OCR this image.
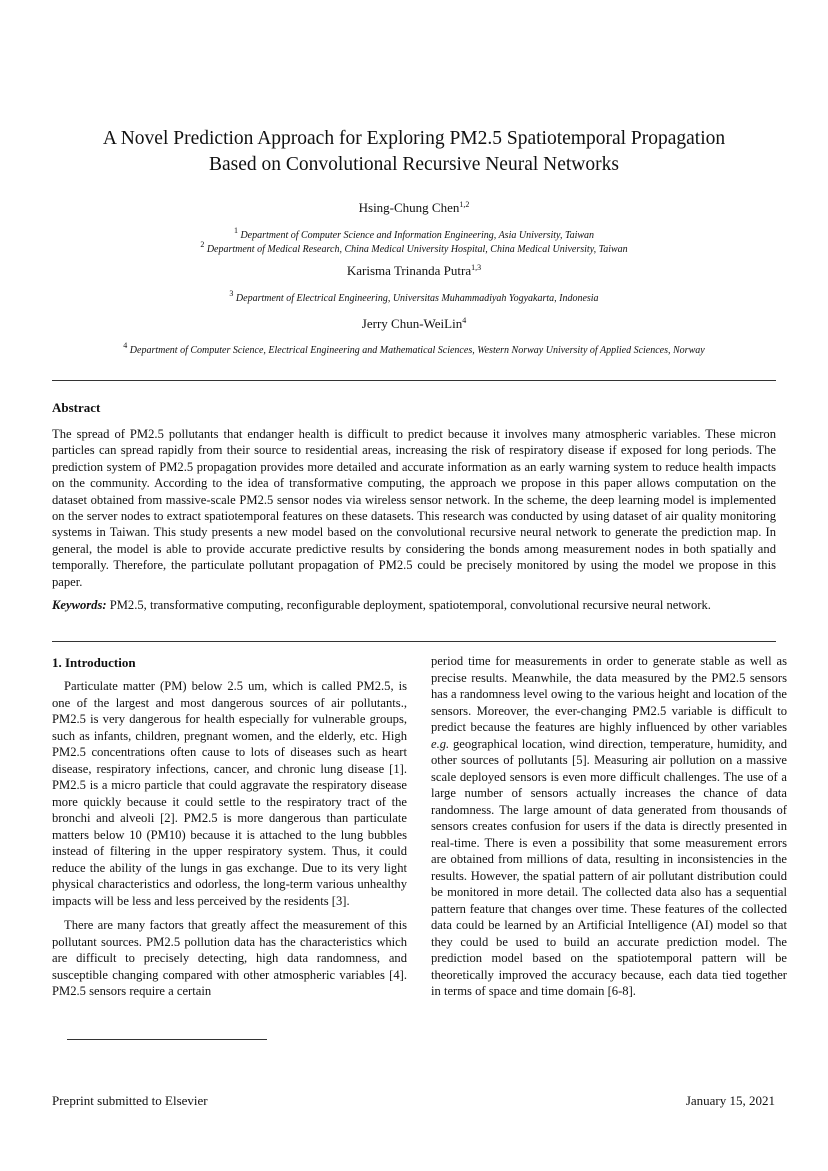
A Novel Prediction Approach for Exploring PM2.5 Spatiotemporal Propagation
Based on Convolutional Recursive Neural Networks
Hsing-Chung Chen$^{1,2}$
$^1$ Department of Computer Science and Information Engineering, Asia University, Taiwan
$^2$ Department of Medical Research, China Medical University Hospital, China Medical University, Taiwan
Karisma Trinanda Putra$^{1,3}$
$^3$ Department of Electrical Engineering, Universitas Muhammadiyah Yogyakarta, Indonesia
Jerry Chun-WeiLin$^4$
$^4$ Department of Computer Science, Electrical Engineering and Mathematical Sciences, Western Norway University of Applied Sciences, Norway
Abstract

The spread of PM2.5 pollutants that endanger health is difficult to predict because it involves many atmospheric variables. These micron particles can spread rapidly from their source to residential areas, increasing the risk of respiratory disease if exposed for long periods. The prediction system of PM2.5 propagation provides more detailed and accurate information as an early warning system to reduce health impacts on the community. According to the idea of transformative computing, the approach we propose in this paper allows computation on the dataset obtained from massive-scale PM2.5 sensor nodes via wireless sensor network. In the scheme, the deep learning model is implemented on the server nodes to extract spatiotemporal features on these datasets. This research was conducted by using dataset of air quality monitoring systems in Taiwan. This study presents a new model based on the convolutional recursive neural network to generate the prediction map. In general, the model is able to provide accurate predictive results by considering the bonds among measurement nodes in both spatially and temporally. Therefore, the particulate pollutant propagation of PM2.5 could be precisely monitored by using the model we propose in this paper.

Keywords: PM2.5, transformative computing, reconfigurable deployment, spatiotemporal, convolutional recursive neural network.

1. Introduction

Particulate matter (PM) below 2.5 um, which is called PM2.5, is one of the largest and most dangerous sources of air pollutants., PM2.5 is very dangerous for health especially for vulnerable groups, such as infants, children, pregnant women, and the elderly, etc. High PM2.5 concentrations often cause to lots of diseases such as heart disease, respiratory infections, cancer, and chronic lung disease [1]. PM2.5 is a micro particle that could aggravate the respiratory disease more quickly because it could settle to the respiratory tract of the bronchi and alveoli [2]. PM2.5 is more dangerous than particulate matters below 10 (PM10) because it is attached to the lung bubbles instead of filtering in the upper respiratory system. Thus, it could reduce the ability of the lungs in gas exchange. Due to its very light physical characteristics and odorless, the long-term various unhealthy impacts will be less and less perceived by the residents [3].

There are many factors that greatly affect the measurement of this pollutant sources. PM2.5 pollution data has the characteristics which are difficult to precisely detecting, high data randomness, and susceptible changing compared with other atmospheric variables [4]. PM2.5 sensors require a certain

period time for measurements in order to generate stable as well as precise results. Meanwhile, the data measured by the PM2.5 sensors has a randomness level owing to the various height and location of the sensors. Moreover, the ever-changing PM2.5 variable is difficult to predict because the features are highly influenced by other variables e.g. geographical location, wind direction, temperature, humidity, and other sources of pollutants [5]. Measuring air pollution on a massive scale deployed sensors is even more difficult challenges. The use of a large number of sensors actually increases the chance of data randomness. The large amount of data generated from thousands of sensors creates confusion for users if the data is directly presented in real-time. There is even a possibility that some measurement errors are obtained from millions of data, resulting in inconsistencies in the results. However, the spatial pattern of air pollutant distribution could be monitored in more detail. The collected data also has a sequential pattern feature that changes over time. These features of the collected data could be learned by an Artificial Intelligence (AI) model so that they could be used to build an accurate prediction model. The prediction model based on the spatiotemporal pattern will be theoretically improved the accuracy because, each data tied together in terms of space and time domain [6-8].

Preprint submitted to Elsevier	January 15, 2021
